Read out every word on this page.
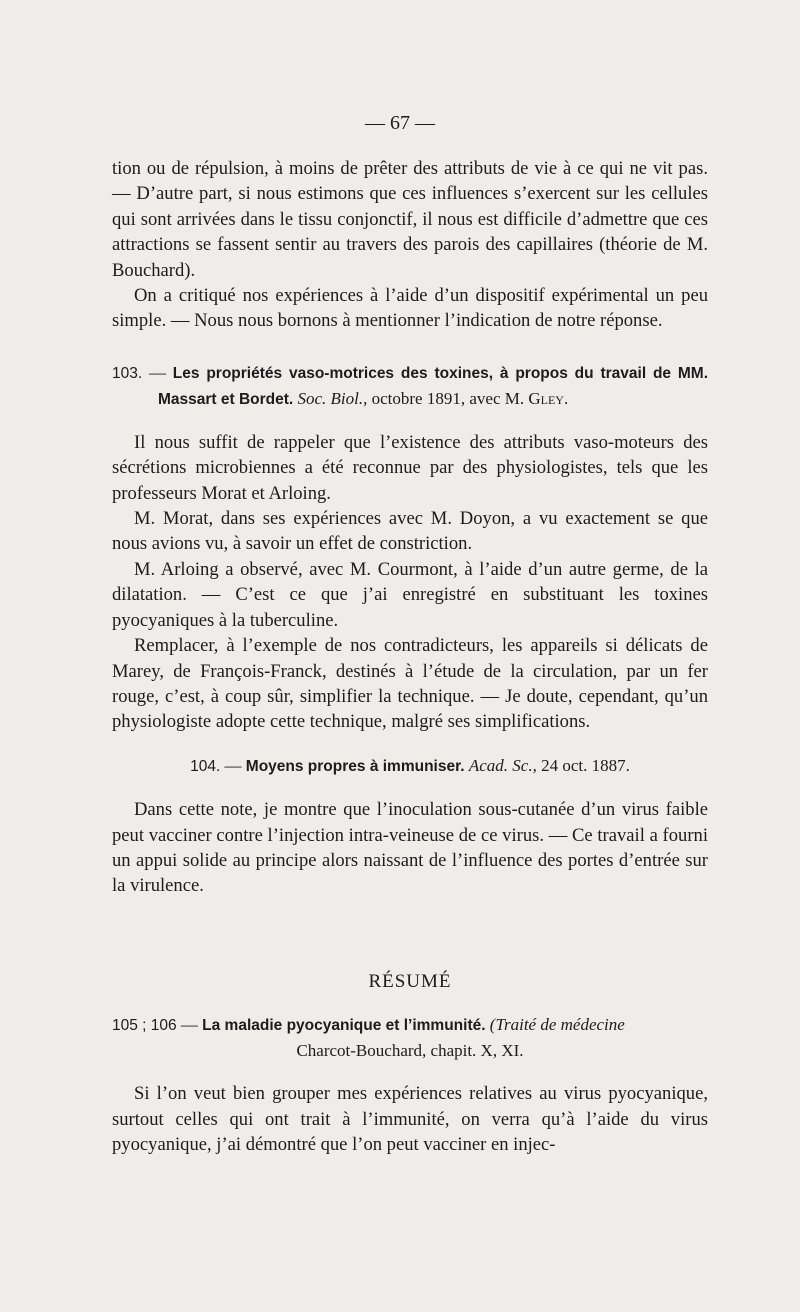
— 67 —

tion ou de répulsion, à moins de prêter des attributs de vie à ce qui ne vit pas. — D’autre part, si nous estimons que ces influences s’exercent sur les cellules qui sont arrivées dans le tissu conjonctif, il nous est difficile d’admettre que ces attractions se fassent sentir au travers des parois des capillaires (théorie de M. Bouchard).

On a critiqué nos expériences à l’aide d’un dispositif expérimental un peu simple. — Nous nous bornons à mentionner l’indication de notre réponse.

103. — Les propriétés vaso-motrices des toxines, à propos du travail de MM. Massart et Bordet. Soc. Biol., octobre 1891, avec M. Gley.

Il nous suffit de rappeler que l’existence des attributs vaso-moteurs des sécrétions microbiennes a été reconnue par des physiologistes, tels que les professeurs Morat et Arloing.

M. Morat, dans ses expériences avec M. Doyon, a vu exactement se que nous avions vu, à savoir un effet de constriction.

M. Arloing a observé, avec M. Courmont, à l’aide d’un autre germe, de la dilatation. — C’est ce que j’ai enregistré en substituant les toxines pyocyaniques à la tuberculine.

Remplacer, à l’exemple de nos contradicteurs, les appareils si délicats de Marey, de François-Franck, destinés à l’étude de la circulation, par un fer rouge, c’est, à coup sûr, simplifier la technique. — Je doute, cependant, qu’un physiologiste adopte cette technique, malgré ses simplifications.

104. — Moyens propres à immuniser. Acad. Sc., 24 oct. 1887.

Dans cette note, je montre que l’inoculation sous-cutanée d’un virus faible peut vacciner contre l’injection intra-veineuse de ce virus. — Ce travail a fourni un appui solide au principe alors naissant de l’influence des portes d’entrée sur la virulence.

RÉSUMÉ

105 ; 106 — La maladie pyocyanique et l’immunité. (Traité de médecine
Charcot-Bouchard, chapit. X, XI.

Si l’on veut bien grouper mes expériences relatives au virus pyocyanique, surtout celles qui ont trait à l’immunité, on verra qu’à l’aide du virus pyocyanique, j’ai démontré que l’on peut vacciner en injec-
